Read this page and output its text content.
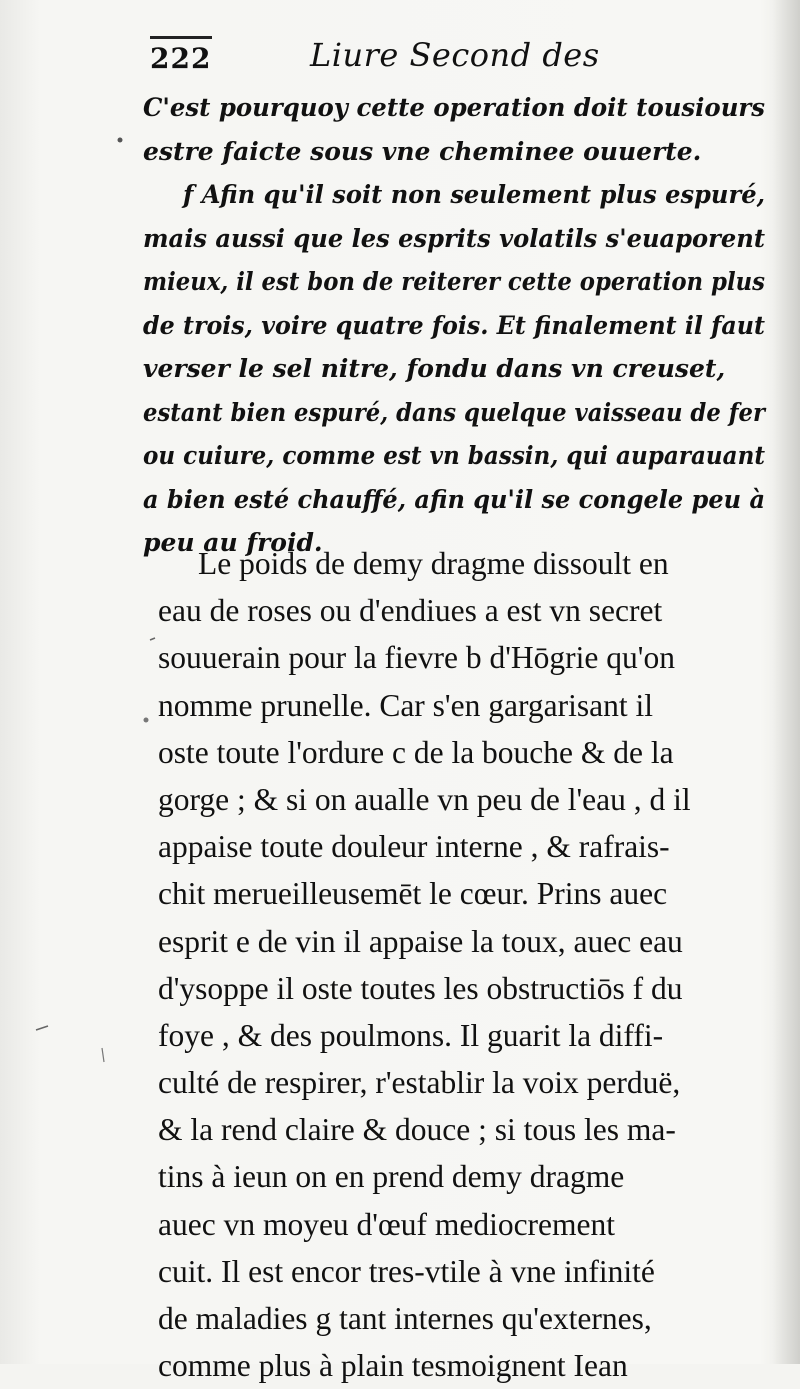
222	Liure Second des
C'est pourquoy cette operation doit tousiours
estre faicte sous vne cheminee ouuerte.
f Afin qu'il soit non seulement plus espuré,
mais aussi que les esprits volatils s'euaporent
mieux, il est bon de reiterer cette operation plus
de trois, voire quatre fois. Et finalement il faut
verser le sel nitre, fondu dans vn creuset,
estant bien espuré, dans quelque vaisseau de fer
ou cuiure, comme est vn bassin, qui auparauant
a bien esté chauffé, afin qu'il se congele peu à
peu au froid.
Le poids de demy dragme dissoult en
eau de roses ou d'endiues a est vn secret
souuerain pour la fievre b d'Hōgrie qu'on
nomme prunelle. Car s'en gargarisant il
oste toute l'ordure c de la bouche & de la
gorge ; & si on aualle vn peu de l'eau , d il
appaise toute douleur interne , & rafrais-
chit merueilleusemēt le cœur. Prins auec
esprit e de vin il appaise la toux, auec eau
d'ysoppe il oste toutes les obstructiōs f du
foye , & des poulmons. Il guarit la diffi-
culté de respirer, r'establir la voix perduë,
& la rend claire & douce ; si tous les ma-
tins à ieun on en prend demy dragme
auec vn moyeu d'œuf mediocrement
cuit. Il est encor tres-vtile à vne infinité
de maladies g tant internes qu'externes,
comme plus à plain tesmoignent Iean
